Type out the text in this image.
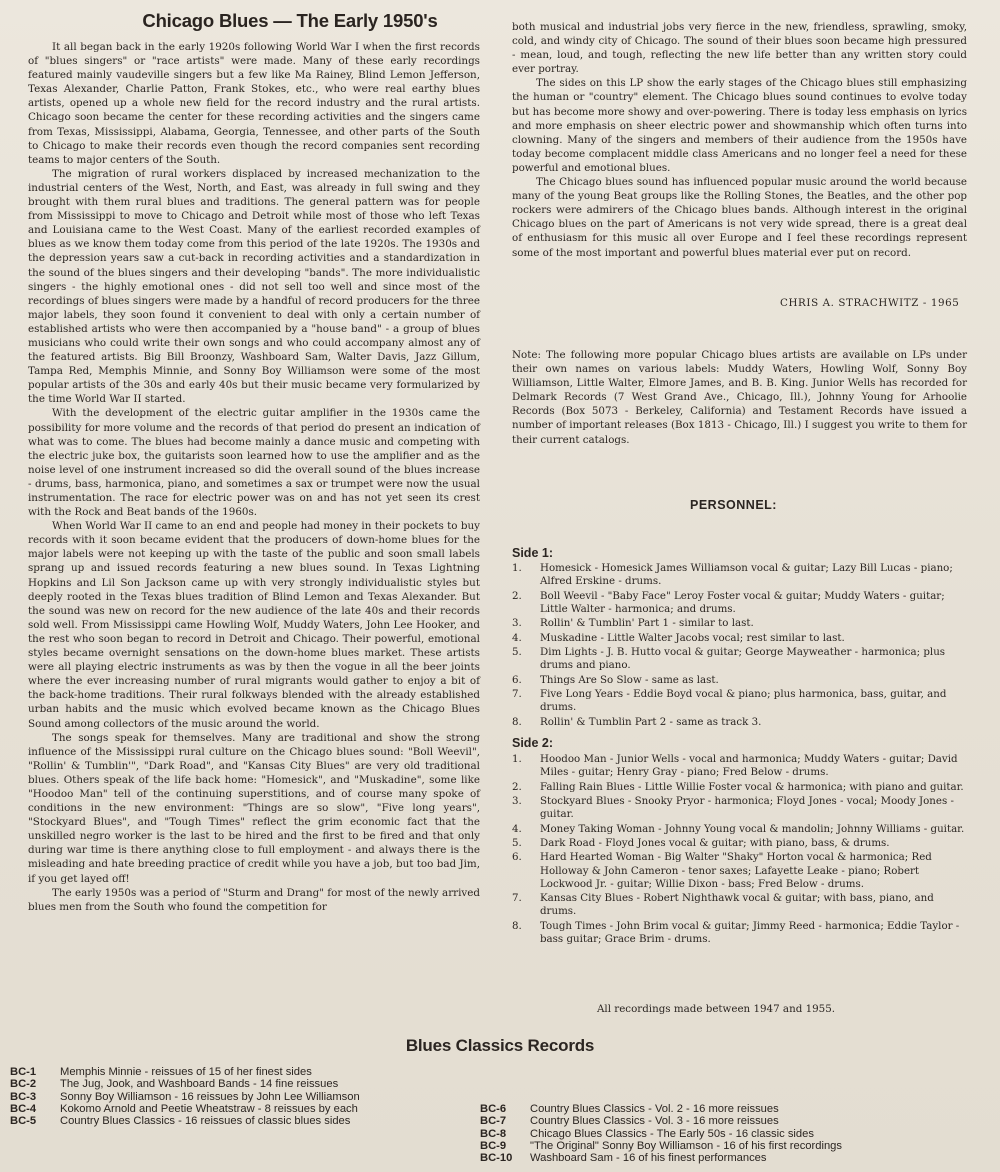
Chicago Blues — The Early 1950's

It all began back in the early 1920s following World War I when the first records of "blues singers" or "race artists" were made. Many of these early recordings featured mainly vaudeville singers but a few like Ma Rainey, Blind Lemon Jefferson, Texas Alexander, Charlie Patton, Frank Stokes, etc., who were real earthy blues artists, opened up a whole new field for the record industry and the rural artists. Chicago soon became the center for these recording activities and the singers came from Texas, Mississippi, Alabama, Georgia, Tennessee, and other parts of the South to Chicago to make their records even though the record companies sent recording teams to major centers of the South.

The migration of rural workers displaced by increased mechanization to the industrial centers of the West, North, and East, was already in full swing and they brought with them rural blues and traditions. The general pattern was for people from Mississippi to move to Chicago and Detroit while most of those who left Texas and Louisiana came to the West Coast. Many of the earliest recorded examples of blues as we know them today come from this period of the late 1920s. The 1930s and the depression years saw a cut-back in recording activities and a standardization in the sound of the blues singers and their developing "bands". The more individualistic singers - the highly emotional ones - did not sell too well and since most of the recordings of blues singers were made by a handful of record producers for the three major labels, they soon found it convenient to deal with only a certain number of established artists who were then accompanied by a "house band" - a group of blues musicians who could write their own songs and who could accompany almost any of the featured artists. Big Bill Broonzy, Washboard Sam, Walter Davis, Jazz Gillum, Tampa Red, Memphis Minnie, and Sonny Boy Williamson were some of the most popular artists of the 30s and early 40s but their music became very formularized by the time World War II started.

With the development of the electric guitar amplifier in the 1930s came the possibility for more volume and the records of that period do present an indication of what was to come. The blues had become mainly a dance music and competing with the electric juke box, the guitarists soon learned how to use the amplifier and as the noise level of one instrument increased so did the overall sound of the blues increase - drums, bass, harmonica, piano, and sometimes a sax or trumpet were now the usual instrumentation. The race for electric power was on and has not yet seen its crest with the Rock and Beat bands of the 1960s.

When World War II came to an end and people had money in their pockets to buy records with it soon became evident that the producers of down-home blues for the major labels were not keeping up with the taste of the public and soon small labels sprang up and issued records featuring a new blues sound. In Texas Lightning Hopkins and Lil Son Jackson came up with very strongly individualistic styles but deeply rooted in the Texas blues tradition of Blind Lemon and Texas Alexander. But the sound was new on record for the new audience of the late 40s and their records sold well. From Mississippi came Howling Wolf, Muddy Waters, John Lee Hooker, and the rest who soon began to record in Detroit and Chicago. Their powerful, emotional styles became overnight sensations on the down-home blues market. These artists were all playing electric instruments as was by then the vogue in all the beer joints where the ever increasing number of rural migrants would gather to enjoy a bit of the back-home traditions. Their rural folkways blended with the already established urban habits and the music which evolved became known as the Chicago Blues Sound among collectors of the music around the world.

The songs speak for themselves. Many are traditional and show the strong influence of the Mississippi rural culture on the Chicago blues sound: "Boll Weevil", "Rollin' & Tumblin'", "Dark Road", and "Kansas City Blues" are very old traditional blues. Others speak of the life back home: "Homesick", and "Muskadine", some like "Hoodoo Man" tell of the continuing superstitions, and of course many spoke of conditions in the new environment: "Things are so slow", "Five long years", "Stockyard Blues", and "Tough Times" reflect the grim economic fact that the unskilled negro worker is the last to be hired and the first to be fired and that only during war time is there anything close to full employment - and always there is the misleading and hate breeding practice of credit while you have a job, but too bad Jim, if you get layed off!

The early 1950s was a period of "Sturm and Drang" for most of the newly arrived blues men from the South who found the competition for

both musical and industrial jobs very fierce in the new, friendless, sprawling, smoky, cold, and windy city of Chicago. The sound of their blues soon became high pressured - mean, loud, and tough, reflecting the new life better than any written story could ever portray.

The sides on this LP show the early stages of the Chicago blues still emphasizing the human or "country" element. The Chicago blues sound continues to evolve today but has become more showy and over-powering. There is today less emphasis on lyrics and more emphasis on sheer electric power and showmanship which often turns into clowning. Many of the singers and members of their audience from the 1950s have today become complacent middle class Americans and no longer feel a need for these powerful and emotional blues.

The Chicago blues sound has influenced popular music around the world because many of the young Beat groups like the Rolling Stones, the Beatles, and the other pop rockers were admirers of the Chicago blues bands. Although interest in the original Chicago blues on the part of Americans is not very wide spread, there is a great deal of enthusiasm for this music all over Europe and I feel these recordings represent some of the most important and powerful blues material ever put on record.

CHRIS A. STRACHWITZ - 1965

Note: The following more popular Chicago blues artists are available on LPs under their own names on various labels: Muddy Waters, Howling Wolf, Sonny Boy Williamson, Little Walter, Elmore James, and B. B. King. Junior Wells has recorded for Delmark Records (7 West Grand Ave., Chicago, Ill.), Johnny Young for Arhoolie Records (Box 5073 - Berkeley, California) and Testament Records have issued a number of important releases (Box 1813 - Chicago, Ill.) I suggest you write to them for their current catalogs.

PERSONNEL:
Side 1:
1.	Homesick - Homesick James Williamson vocal & guitar; Lazy Bill Lucas - piano; Alfred Erskine - drums.
2.	Boll Weevil - "Baby Face" Leroy Foster vocal & guitar; Muddy Waters - guitar; Little Walter - harmonica; and drums.
3.	Rollin' & Tumblin' Part 1 - similar to last.
4.	Muskadine - Little Walter Jacobs vocal; rest similar to last.
5.	Dim Lights - J. B. Hutto vocal & guitar; George Mayweather - harmonica; plus drums and piano.
6.	Things Are So Slow - same as last.
7.	Five Long Years - Eddie Boyd vocal & piano; plus harmonica, bass, guitar, and drums.
8.	Rollin' & Tumblin Part 2 - same as track 3.
Side 2:
1.	Hoodoo Man - Junior Wells - vocal and harmonica; Muddy Waters - guitar; David Miles - guitar; Henry Gray - piano; Fred Below - drums.
2.	Falling Rain Blues - Little Willie Foster vocal & harmonica; with piano and guitar.
3.	Stockyard Blues - Snooky Pryor - harmonica; Floyd Jones - vocal; Moody Jones - guitar.
4.	Money Taking Woman - Johnny Young vocal & mandolin; Johnny Williams - guitar.
5.	Dark Road - Floyd Jones vocal & guitar; with piano, bass, & drums.
6.	Hard Hearted Woman - Big Walter "Shaky" Horton vocal & harmonica; Red Holloway & John Cameron - tenor saxes; Lafayette Leake - piano; Robert Lockwood Jr. - guitar; Willie Dixon - bass; Fred Below - drums.
7.	Kansas City Blues - Robert Nighthawk vocal & guitar; with bass, piano, and drums.
8.	Tough Times - John Brim vocal & guitar; Jimmy Reed - harmonica; Eddie Taylor - bass guitar; Grace Brim - drums.
All recordings made between 1947 and 1955.
Blues Classics Records
BC-1 Memphis Minnie - reissues of 15 of her finest sides
BC-2 The Jug, Jook, and Washboard Bands - 14 fine reissues
BC-3 Sonny Boy Williamson - 16 reissues by John Lee Williamson
BC-4 Kokomo Arnold and Peetie Wheatstraw - 8 reissues by each
BC-5 Country Blues Classics - 16 reissues of classic blues sides
BC-6 Country Blues Classics - Vol. 2 - 16 more reissues
BC-7 Country Blues Classics - Vol. 3 - 16 more reissues
BC-8 Chicago Blues Classics - The Early 50s - 16 classic sides
BC-9 "The Original" Sonny Boy Williamson - 16 of his first recordings
BC-10 Washboard Sam - 16 of his finest performances
